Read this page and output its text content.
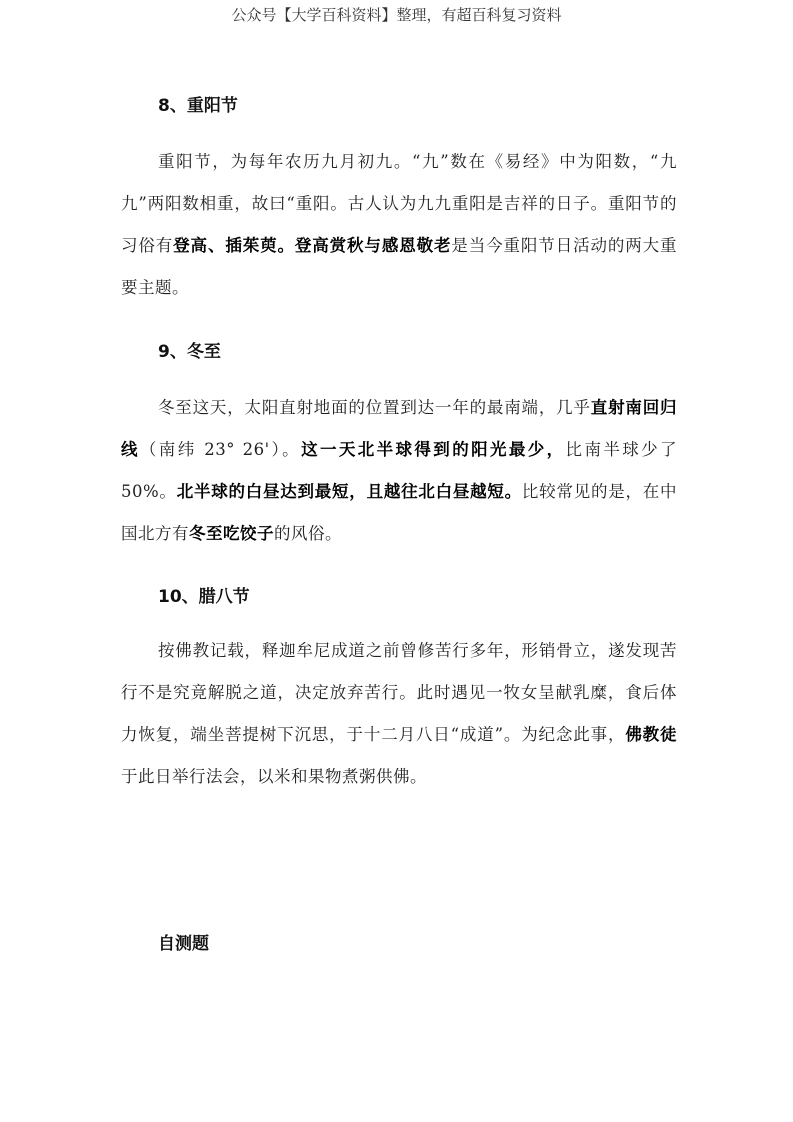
公众号【大学百科资料】整理，有超百科复习资料
8、重阳节

重阳节，为每年农历九月初九。“九”数在《易经》中为阳数，“九九”两阳数相重，故曰“重阳。古人认为九九重阳是吉祥的日子。重阳节的习俗有登高、插茱萸。登高赏秋与感恩敬老是当今重阳节日活动的两大重要主题。

9、冬至

冬至这天，太阳直射地面的位置到达一年的最南端，几乎直射南回归线（南纬 23° 26'）。这一天北半球得到的阳光最少，比南半球少了 50%。北半球的白昼达到最短，且越往北白昼越短。比较常见的是，在中国北方有冬至吃饺子的风俗。

10、腊八节

按佛教记载，释迦牟尼成道之前曾修苦行多年，形销骨立，遂发现苦行不是究竟解脱之道，决定放弃苦行。此时遇见一牧女呈献乳糜，食后体力恢复，端坐菩提树下沉思，于十二月八日“成道”。为纪念此事，佛教徒于此日举行法会，以米和果物煮粥供佛。

自测题
